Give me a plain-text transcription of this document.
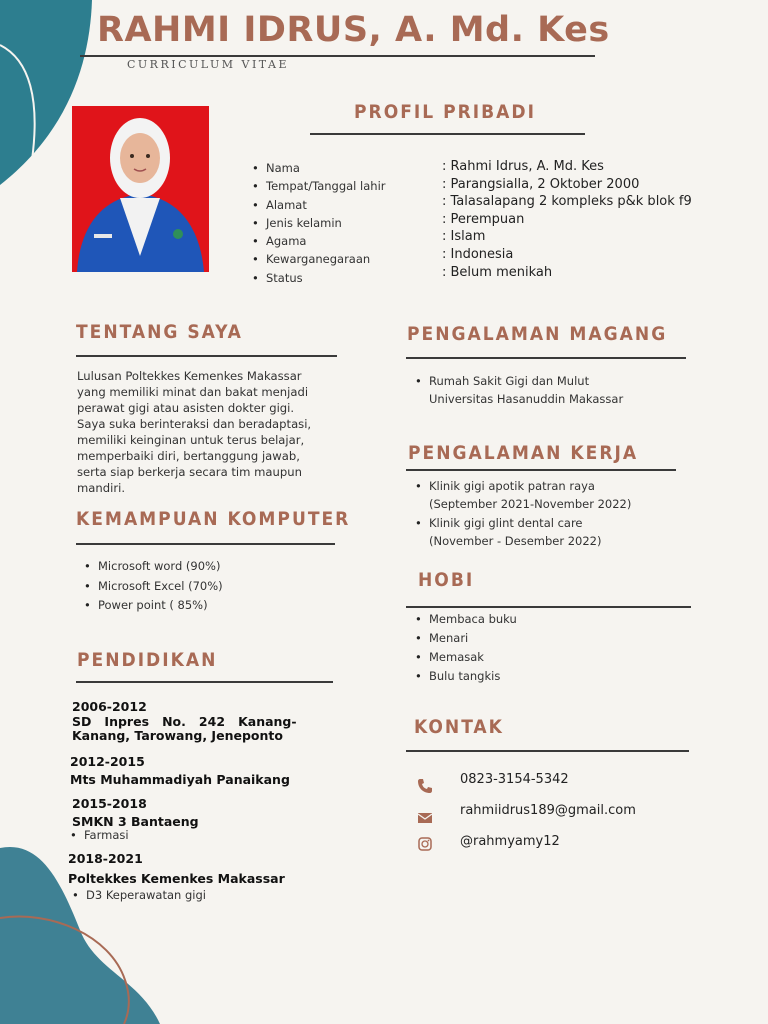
RAHMI IDRUS, A. Md. Kes
CURRICULUM VITAE
PROFIL PRIBADI
• Nama
• Tempat/Tanggal lahir
• Alamat
• Jenis kelamin
• Agama
• Kewarganegaraan
• Status
: Rahmi Idrus, A. Md. Kes
: Parangsialla, 2 Oktober 2000
: Talasalapang 2 kompleks p&k blok f9
: Perempuan
: Islam
: Indonesia
: Belum menikah
TENTANG SAYA
Lulusan Poltekkes Kemenkes Makassar
yang memiliki minat dan bakat menjadi
perawat gigi atau asisten dokter gigi.
Saya suka berinteraksi dan beradaptasi,
memiliki keinginan untuk terus belajar,
memperbaiki diri, bertanggung jawab,
serta siap berkerja secara tim maupun
mandiri.
KEMAMPUAN KOMPUTER
• Microsoft word (90%)
• Microsoft Excel (70%)
• Power point ( 85%)
PENDIDIKAN
2006-2012
SD   Inpres   No.   242   Kanang-
Kanang, Tarowang, Jeneponto
2012-2015
Mts Muhammadiyah Panaikang
2015-2018
SMKN 3 Bantaeng
• Farmasi
2018-2021
Poltekkes Kemenkes Makassar
• D3 Keperawatan gigi
PENGALAMAN MAGANG
• Rumah Sakit Gigi dan Mulut
Universitas Hasanuddin Makassar
PENGALAMAN KERJA
• Klinik gigi apotik patran raya
(September 2021-November 2022)
• Klinik gigi glint dental care
(November - Desember 2022)
HOBI
• Membaca buku
• Menari
• Memasak
• Bulu tangkis
KONTAK
0823-3154-5342
rahmiidrus189@gmail.com
@rahmyamy12
